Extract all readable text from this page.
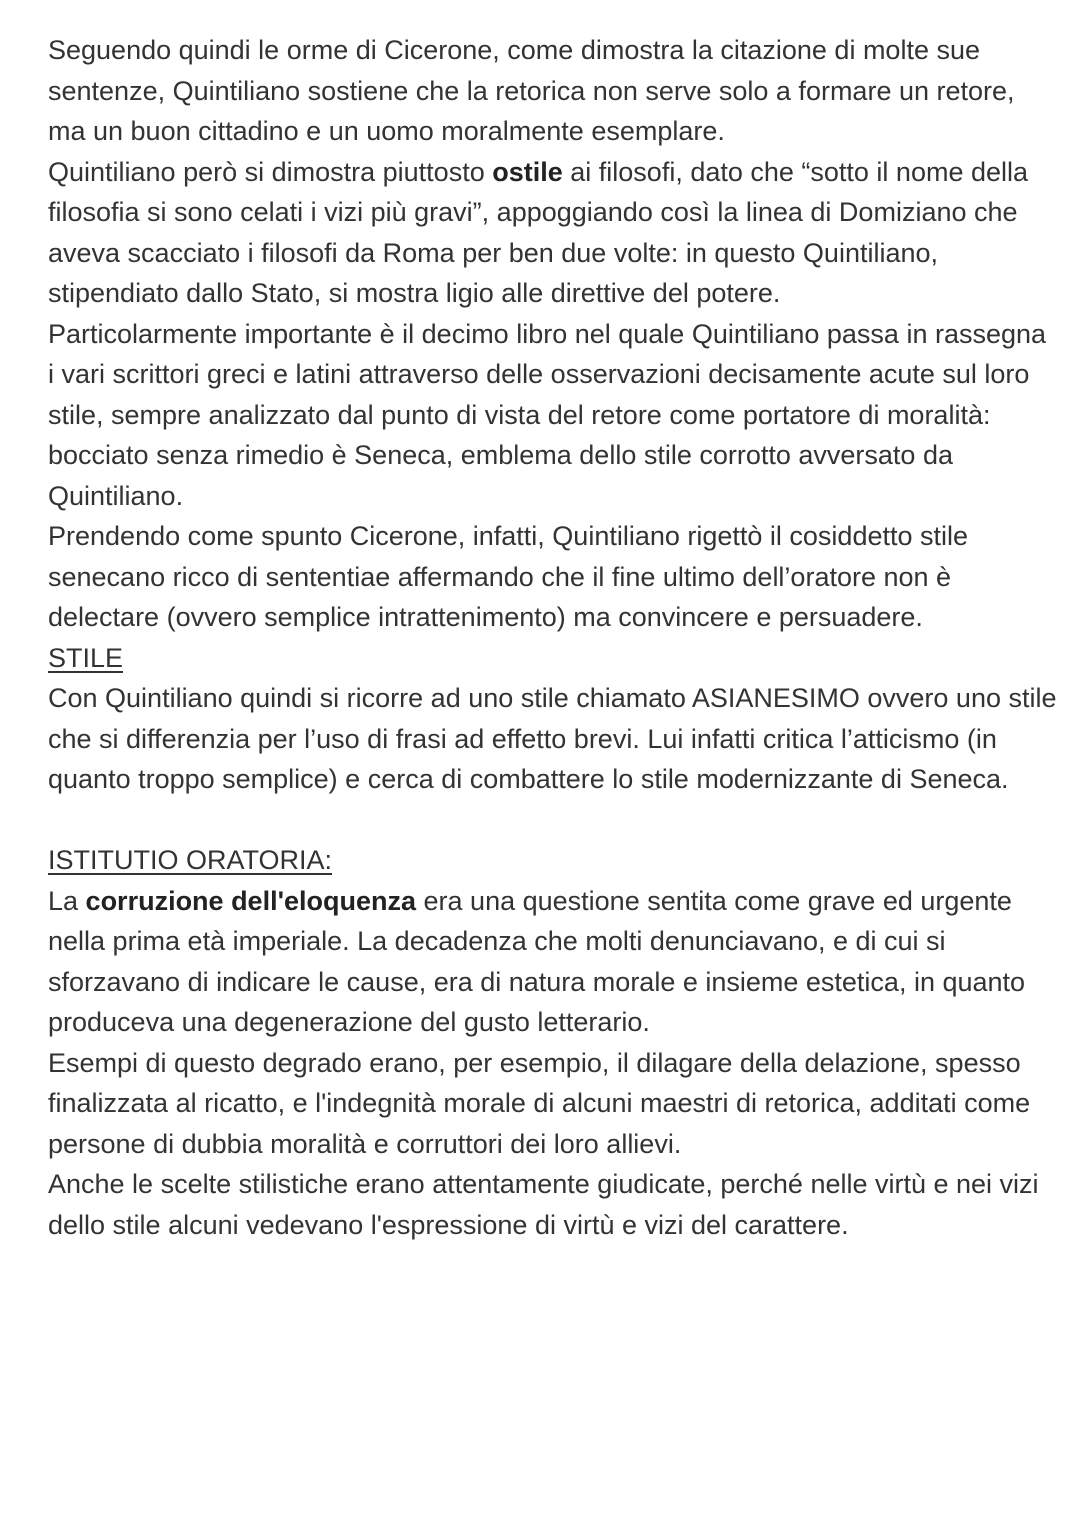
Seguendo quindi le orme di Cicerone, come dimostra la citazione di molte sue sentenze, Quintiliano sostiene che la retorica non serve solo a formare un retore, ma un buon cittadino e un uomo moralmente esemplare.

Quintiliano però si dimostra piuttosto ostile ai filosofi, dato che “sotto il nome della filosofia si sono celati i vizi più gravi”, appoggiando così la linea di Domiziano che aveva scacciato i filosofi da Roma per ben due volte: in questo Quintiliano, stipendiato dallo Stato, si mostra ligio alle direttive del potere.

Particolarmente importante è il decimo libro nel quale Quintiliano passa in rassegna i vari scrittori greci e latini attraverso delle osservazioni decisamente acute sul loro stile, sempre analizzato dal punto di vista del retore come portatore di moralità: bocciato senza rimedio è Seneca, emblema dello stile corrotto avversato da Quintiliano.

Prendendo come spunto Cicerone, infatti, Quintiliano rigettò il cosiddetto stile senecano ricco di sententiae affermando che il fine ultimo dell’oratore non è delectare (ovvero semplice intrattenimento) ma convincere e persuadere.

STILE

Con Quintiliano quindi si ricorre ad uno stile chiamato ASIANESIMO ovvero uno stile che si differenzia per l’uso di frasi ad effetto brevi. Lui infatti critica l’atticismo (in quanto troppo semplice) e cerca di combattere lo stile modernizzante di Seneca.

ISTITUTIO ORATORIA:

La corruzione dell'eloquenza era una questione sentita come grave ed urgente nella prima età imperiale. La decadenza che molti denunciavano, e di cui si sforzavano di indicare le cause, era di natura morale e insieme estetica, in quanto produceva una degenerazione del gusto letterario.

Esempi di questo degrado erano, per esempio, il dilagare della delazione, spesso finalizzata al ricatto, e l'indegnità morale di alcuni maestri di retorica, additati come persone di dubbia moralità e corruttori dei loro allievi.

Anche le scelte stilistiche erano attentamente giudicate, perché nelle virtù e nei vizi dello stile alcuni vedevano l'espressione di virtù e vizi del carattere.
